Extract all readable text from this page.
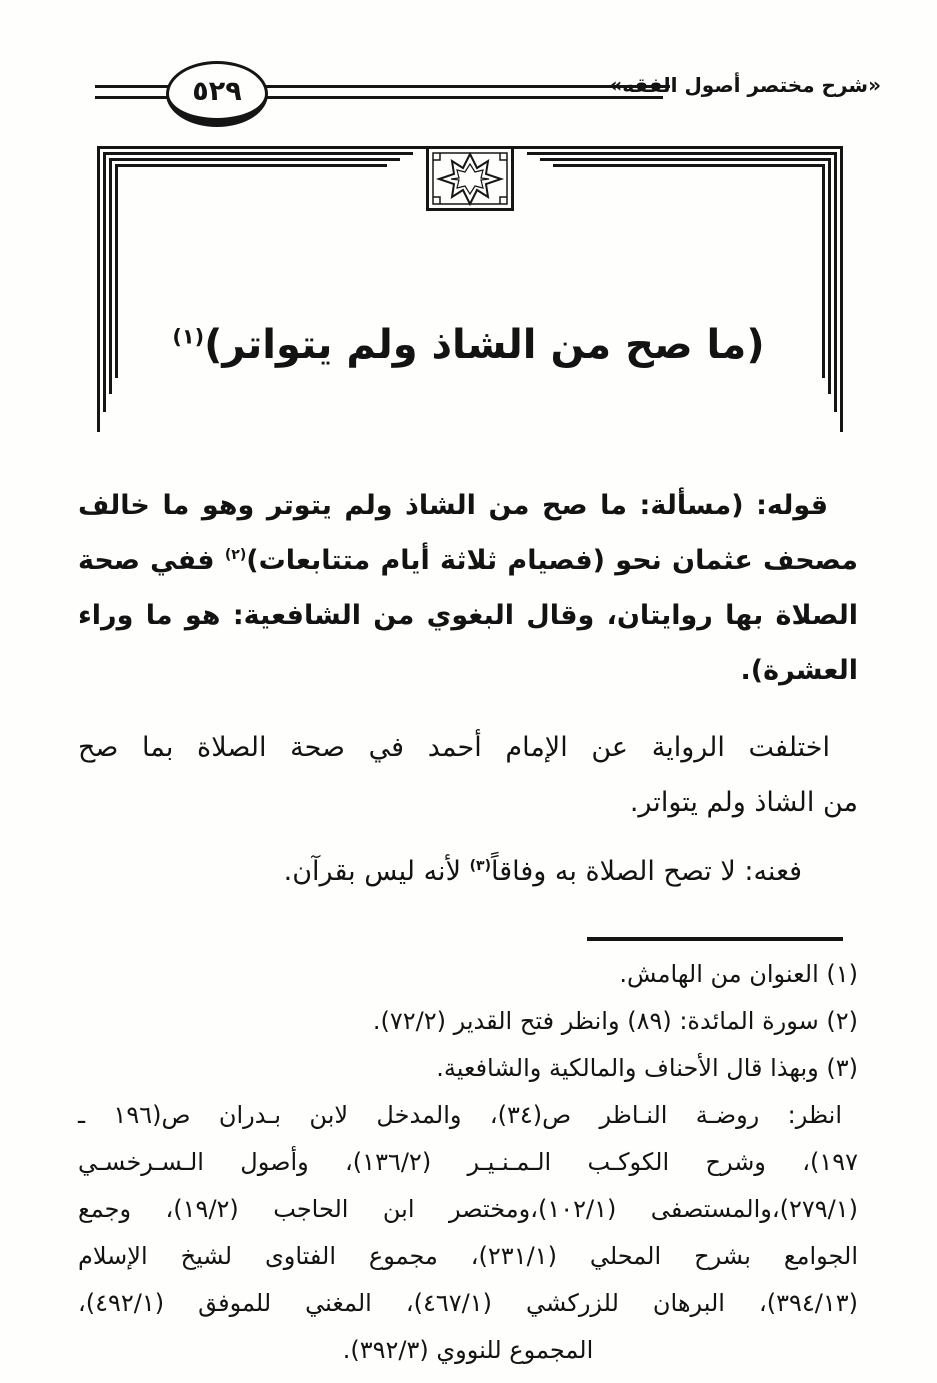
٥٢٩	«شرح مختصر أصول الفقه»
(ما صح من الشاذ ولم يتواتر)$^{(١)}$
قوله: (مسألة: ما صح من الشاذ ولم يتوتر وهو ما خالف
مصحف عثمان نحو (فصيام ثلاثة أيام متتابعات)$^{(٢)}$ ففي صحة
الصلاة بها روايتان، وقال البغوي من الشافعية: هو ما وراء
العشرة).
اختلفت الرواية عن الإمام أحمد في صحة الصلاة بما صح
من الشاذ ولم يتواتر.
فعنه: لا تصح الصلاة به وفاقاً$^{(٣)}$ لأنه ليس بقرآن.
(١) العنوان من الهامش.
(٢) سورة المائدة: (٨٩) وانظر فتح القدير (٧٢/٢).
(٣) وبهذا قال الأحناف والمالكية والشافعية.
انظر: روضـة النـاظر ص(٣٤)، والمدخل لابن بـدران ص(١٩٦ ـ
١٩٧)، وشرح الكوكـب الـمـنـيـر (١٣٦/٢)، وأصول الـسـرخسـي
(٢٧٩/١)،والمستصفى (١٠٢/١)،ومختصر ابن الحاجب (١٩/٢)، وجمع
الجوامع بشرح المحلي (٢٣١/١)، مجموع الفتاوى لشيخ الإسلام
(٣٩٤/١٣)، البرهان للزركشي (٤٦٧/١)، المغني للموفق (٤٩٢/١)،
المجموع للنووي (٣٩٢/٣).
